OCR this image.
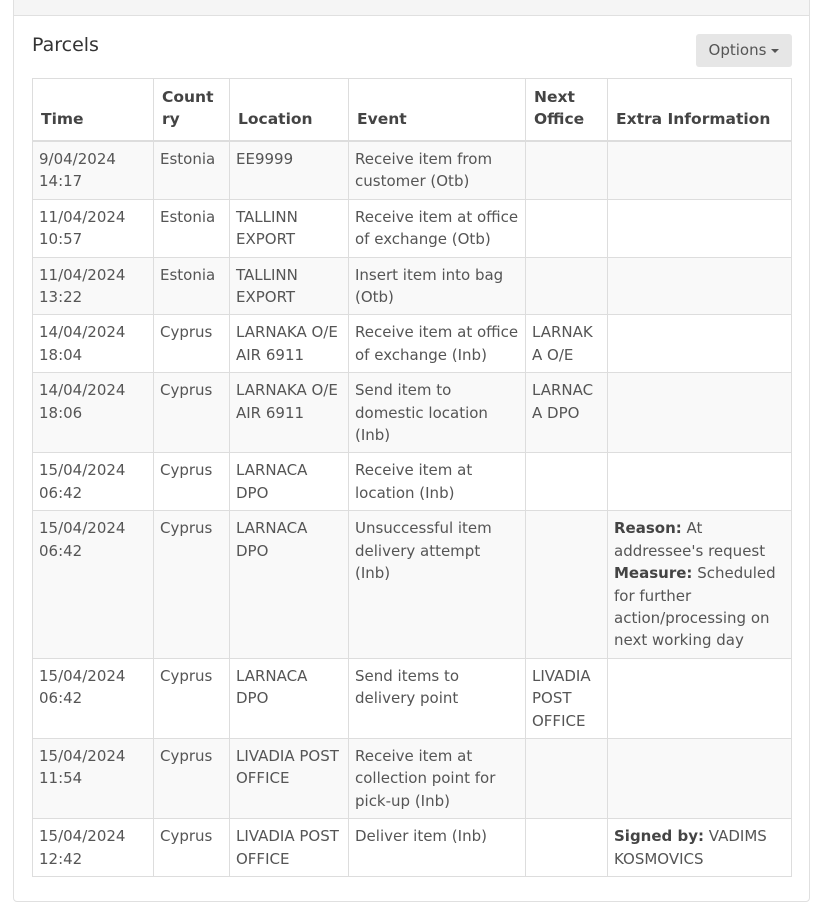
Parcels	Options
Time	Country	Location	Event	Next Office	Extra Information
9/04/2024 14:17	Estonia	EE9999	Receive item from customer (Otb)		
11/04/2024 10:57	Estonia	TALLINN EXPORT	Receive item at office of exchange (Otb)		
11/04/2024 13:22	Estonia	TALLINN EXPORT	Insert item into bag (Otb)		
14/04/2024 18:04	Cyprus	LARNAKA O/E AIR 6911	Receive item at office of exchange (Inb)	LARNAKA O/E	
14/04/2024 18:06	Cyprus	LARNAKA O/E AIR 6911	Send item to domestic location (Inb)	LARNACA DPO	
15/04/2024 06:42	Cyprus	LARNACA DPO	Receive item at location (Inb)		
15/04/2024 06:42	Cyprus	LARNACA DPO	Unsuccessful item delivery attempt (Inb)		Reason: At addressee's request
Measure: Scheduled for further action/processing on next working day

15/04/2024 06:42	Cyprus	LARNACA DPO	Send items to delivery point	LIVADIA POST OFFICE	
15/04/2024 11:54	Cyprus	LIVADIA POST OFFICE	Receive item at collection point for pick-up (Inb)		
15/04/2024 12:42	Cyprus	LIVADIA POST OFFICE	Deliver item (Inb)		Signed by: VADIMS KOSMOVICS
